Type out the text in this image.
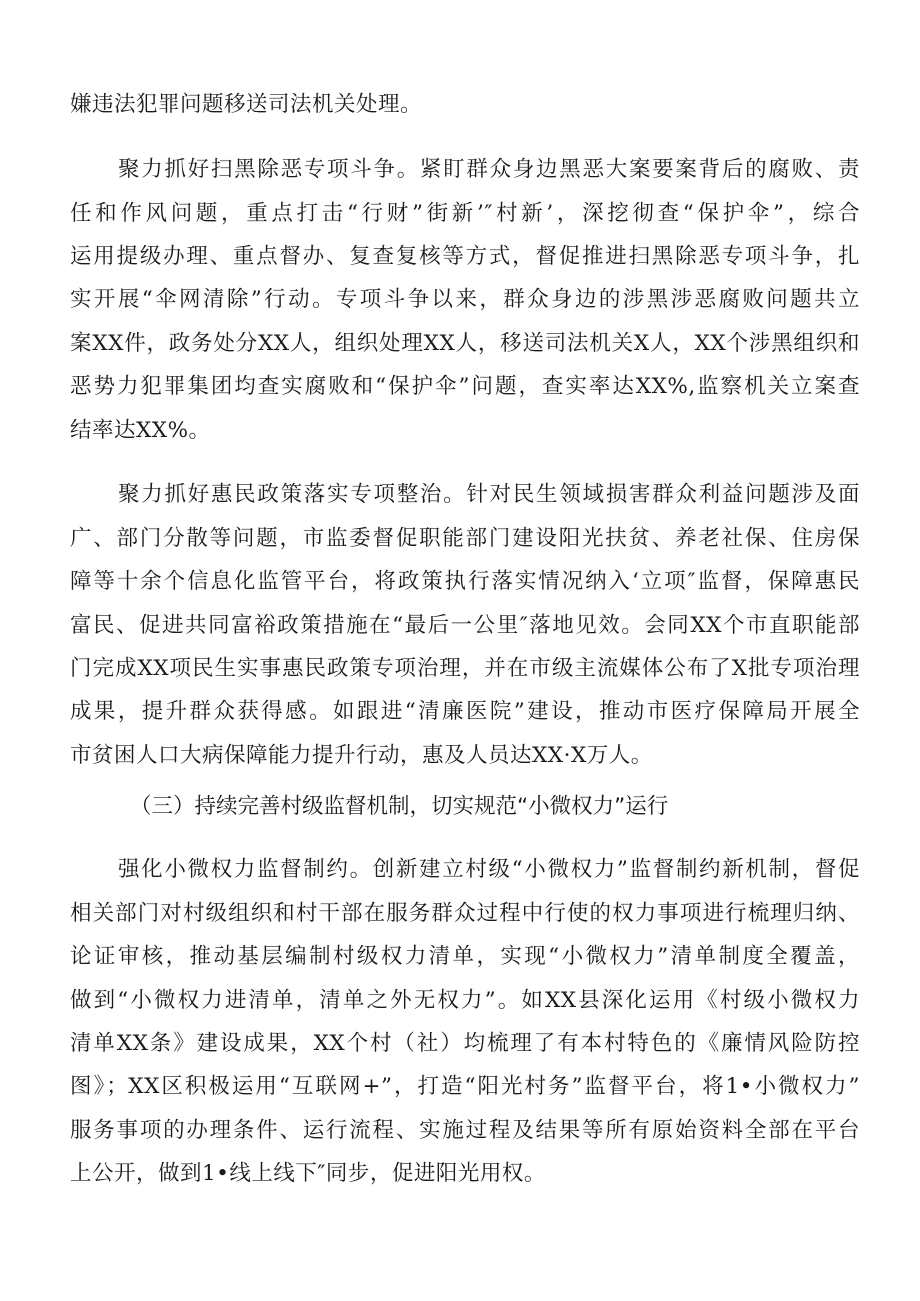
嫌违法犯罪问题移送司法机关处理。
聚力抓好扫黑除恶专项斗争。紧盯群众身边黑恶大案要案背后的腐败、责
任和作风问题，重点打击“行财”街新’″村新’，深挖彻查“保护伞”，综合
运用提级办理、重点督办、复查复核等方式，督促推进扫黑除恶专项斗争，扎
实开展“伞网清除”行动。专项斗争以来，群众身边的涉黑涉恶腐败问题共立
案XX件，政务处分XX人，组织处理XX人，移送司法机关X人，XX个涉黑组织和
恶势力犯罪集团均查实腐败和“保护伞”问题，查实率达XX%,监察机关立案查
结率达XX%。
聚力抓好惠民政策落实专项整治。针对民生领域损害群众利益问题涉及面
广、部门分散等问题，市监委督促职能部门建设阳光扶贫、养老社保、住房保
障等十余个信息化监管平台，将政策执行落实情况纳入‘立项″监督，保障惠民
富民、促进共同富裕政策措施在“最后一公里″落地见效。会同XX个市直职能部
门完成XX项民生实事惠民政策专项治理，并在市级主流媒体公布了X批专项治理
成果，提升群众获得感。如跟进“清廉医院”建设，推动市医疗保障局开展全
市贫困人口大病保障能力提升行动，惠及人员达XX·X万人。
（三）持续完善村级监督机制，切实规范“小微权力”运行
强化小微权力监督制约。创新建立村级“小微权力”监督制约新机制，督促
相关部门对村级组织和村干部在服务群众过程中行使的权力事项进行梳理归纳、
论证审核，推动基层编制村级权力清单，实现“小微权力”清单制度全覆盖，
做到“小微权力进清单，清单之外无权力”。如XX县深化运用《村级小微权力
清单XX条》建设成果，XX个村（社）均梳理了有本村特色的《廉情风险防控
图》；XX区积极运用“互联网+”，打造“阳光村务”监督平台，将1•小微权力”
服务事项的办理条件、运行流程、实施过程及结果等所有原始资料全部在平台
上公开，做到1•线上线下″同步，促进阳光用权。
